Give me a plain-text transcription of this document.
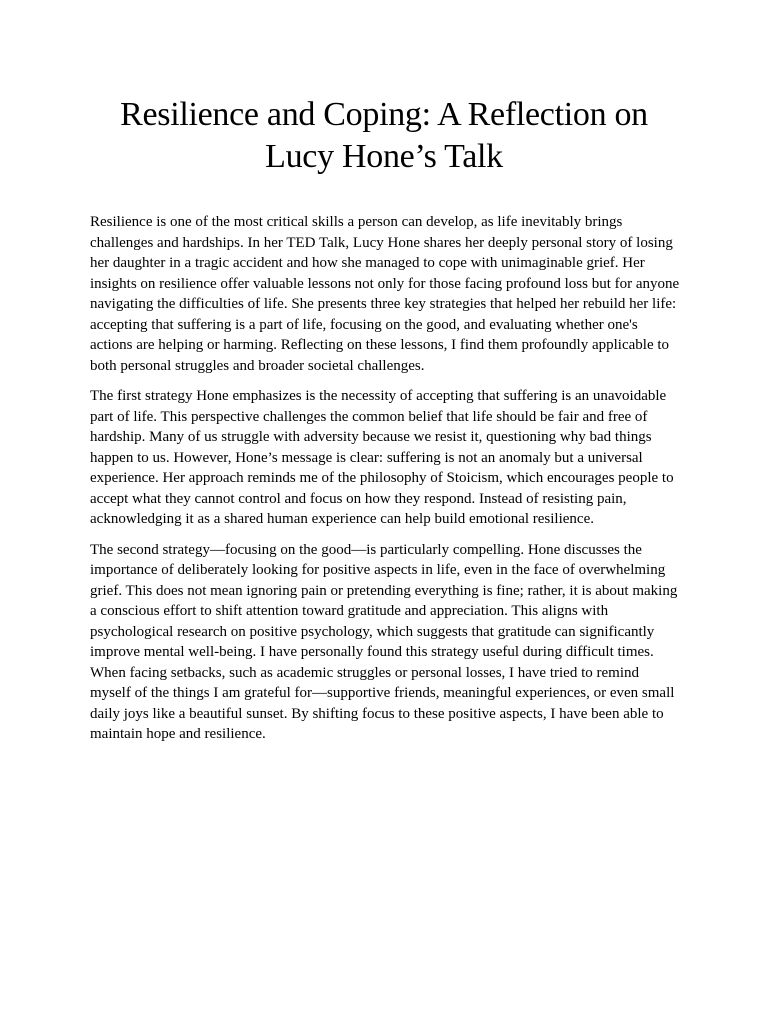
Resilience and Coping: A Reflection on
Lucy Hone’s Talk

Resilience is one of the most critical skills a person can develop, as life inevitably brings challenges and hardships. In her TED Talk, Lucy Hone shares her deeply personal story of losing her daughter in a tragic accident and how she managed to cope with unimaginable grief. Her insights on resilience offer valuable lessons not only for those facing profound loss but for anyone navigating the difficulties of life. She presents three key strategies that helped her rebuild her life: accepting that suffering is a part of life, focusing on the good, and evaluating whether one's actions are helping or harming. Reflecting on these lessons, I find them profoundly applicable to both personal struggles and broader societal challenges.

The first strategy Hone emphasizes is the necessity of accepting that suffering is an unavoidable part of life. This perspective challenges the common belief that life should be fair and free of hardship. Many of us struggle with adversity because we resist it, questioning why bad things happen to us. However, Hone’s message is clear: suffering is not an anomaly but a universal experience. Her approach reminds me of the philosophy of Stoicism, which encourages people to accept what they cannot control and focus on how they respond. Instead of resisting pain, acknowledging it as a shared human experience can help build emotional resilience.

The second strategy—focusing on the good—is particularly compelling. Hone discusses the importance of deliberately looking for positive aspects in life, even in the face of overwhelming grief. This does not mean ignoring pain or pretending everything is fine; rather, it is about making a conscious effort to shift attention toward gratitude and appreciation. This aligns with psychological research on positive psychology, which suggests that gratitude can significantly improve mental well-being. I have personally found this strategy useful during difficult times. When facing setbacks, such as academic struggles or personal losses, I have tried to remind myself of the things I am grateful for—supportive friends, meaningful experiences, or even small daily joys like a beautiful sunset. By shifting focus to these positive aspects, I have been able to maintain hope and resilience.
